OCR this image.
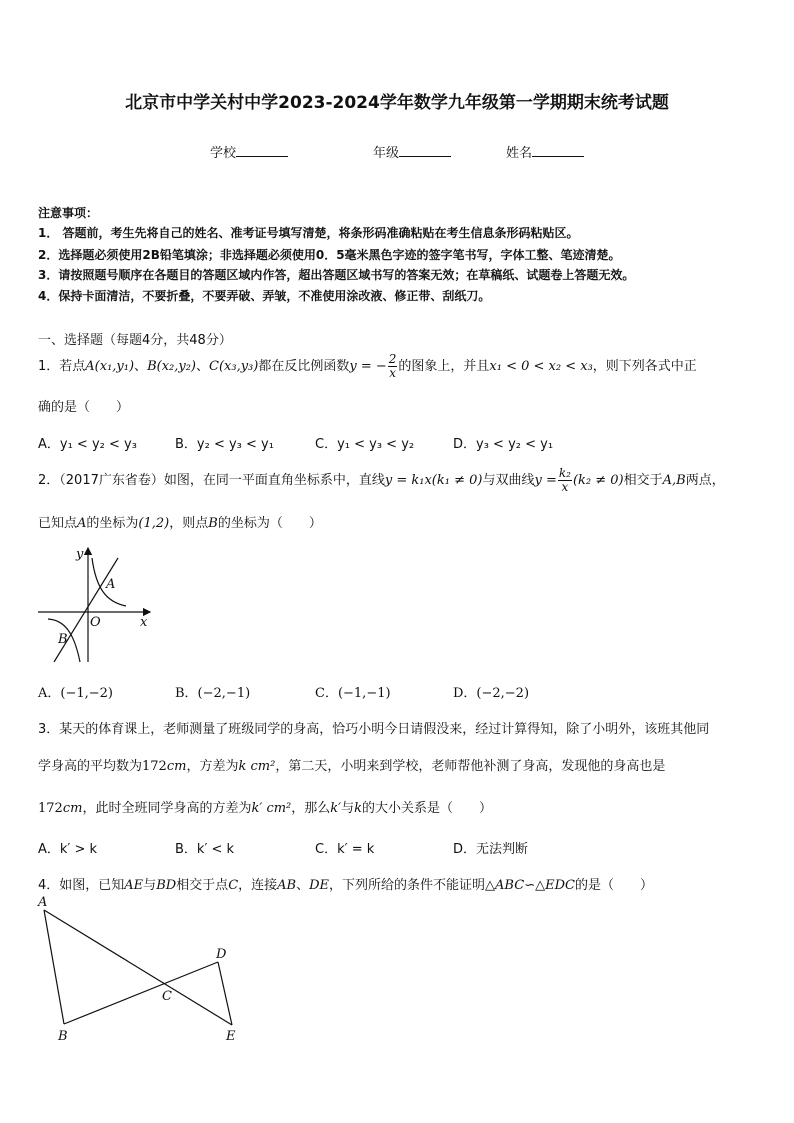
北京市中学关村中学2023-2024学年数学九年级第一学期期末统考试题
学校	年级	姓名
注意事项：
1． 答题前，考生先将自己的姓名、准考证号填写清楚，将条形码准确粘贴在考生信息条形码粘贴区。
2．选择题必须使用2B铅笔填涂；非选择题必须使用0．5毫米黑色字迹的签字笔书写，字体工整、笔迹清楚。
3．请按照题号顺序在各题目的答题区域内作答，超出答题区域书写的答案无效；在草稿纸、试题卷上答题无效。
4．保持卡面清洁，不要折叠，不要弄破、弄皱，不准使用涂改液、修正带、刮纸刀。
一、选择题（每题4分，共48分）
1．若点A(x₁,y₁)、B(x₂,y₂)、C(x₃,y₃)都在反比例函数y = − $\frac{2}{x}$ 的图象上，并且x₁ < 0 < x₂ < x₃，则下列各式中正
确的是（　　）
A．y₁ < y₂ < y₃	B．y₂ < y₃ < y₁	C．y₁ < y₃ < y₂	D．y₃ < y₂ < y₁
2．（2017广东省卷）如图，在同一平面直角坐标系中，直线y = k₁x(k₁ ≠ 0)与双曲线$y = \frac{\text{k₂}}{x} (k_2 \ne 0)$相交于A,B两点，
已知点A的坐标为(1,2)，则点B的坐标为（　　）
y
x
O
A
B
A．(−1,−2)	B．(−2,−1)	C．(−1,−1)	D．(−2,−2)
3．某天的体育课上，老师测量了班级同学的身高，恰巧小明今日请假没来，经过计算得知，除了小明外，该班其他同
学身高的平均数为172cm，方差为k cm²，第二天，小明来到学校，老师帮他补测了身高，发现他的身高也是
172cm，此时全班同学身高的方差为k′ cm²，那么k′与k的大小关系是（　　）
A．k′ > k	B．k′ < k	C．k′ = k	D．无法判断
4．如图，已知AE与BD相交于点C，连接AB、DE，下列所给的条件不能证明△ABC∽△EDC的是（　　）
A
B
C
D
E
